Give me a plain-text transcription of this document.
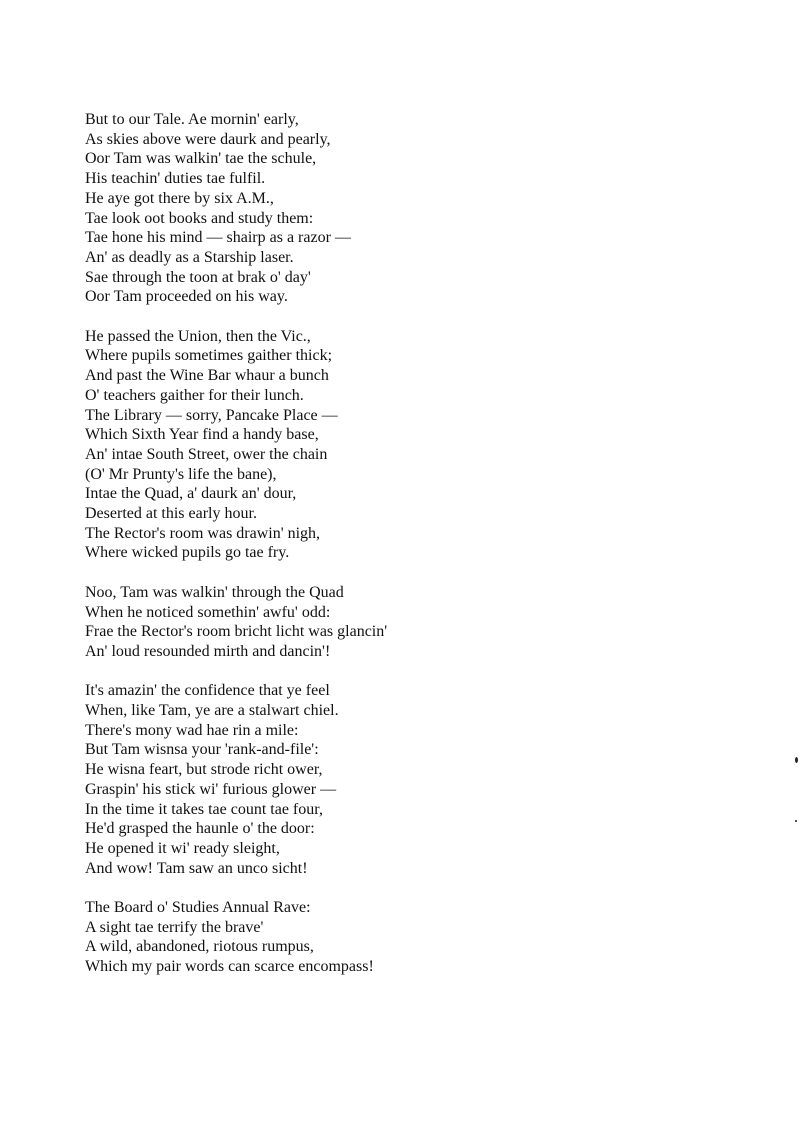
But to our Tale. Ae mornin' early,
As skies above were daurk and pearly,
Oor Tam was walkin' tae the schule,
His teachin' duties tae fulfil.
He aye got there by six A.M.,
Tae look oot books and study them:
Tae hone his mind — shairp as a razor —
An' as deadly as a Starship laser.
Sae through the toon at brak o' day'
Oor Tam proceeded on his way.
He passed the Union, then the Vic.,
Where pupils sometimes gaither thick;
And past the Wine Bar whaur a bunch
O' teachers gaither for their lunch.
The Library — sorry, Pancake Place —
Which Sixth Year find a handy base,
An' intae South Street, ower the chain
(O' Mr Prunty's life the bane),
Intae the Quad, a' daurk an' dour,
Deserted at this early hour.
The Rector's room was drawin' nigh,
Where wicked pupils go tae fry.
Noo, Tam was walkin' through the Quad
When he noticed somethin' awfu' odd:
Frae the Rector's room bricht licht was glancin'
An' loud resounded mirth and dancin'!
It's amazin' the confidence that ye feel
When, like Tam, ye are a stalwart chiel.
There's mony wad hae rin a mile:
But Tam wisnsa your 'rank-and-file':
He wisna feart, but strode richt ower,
Graspin' his stick wi' furious glower —
In the time it takes tae count tae four,
He'd grasped the haunle o' the door:
He opened it wi' ready sleight,
And wow! Tam saw an unco sicht!
The Board o' Studies Annual Rave:
A sight tae terrify the brave'
A wild, abandoned, riotous rumpus,
Which my pair words can scarce encompass!
